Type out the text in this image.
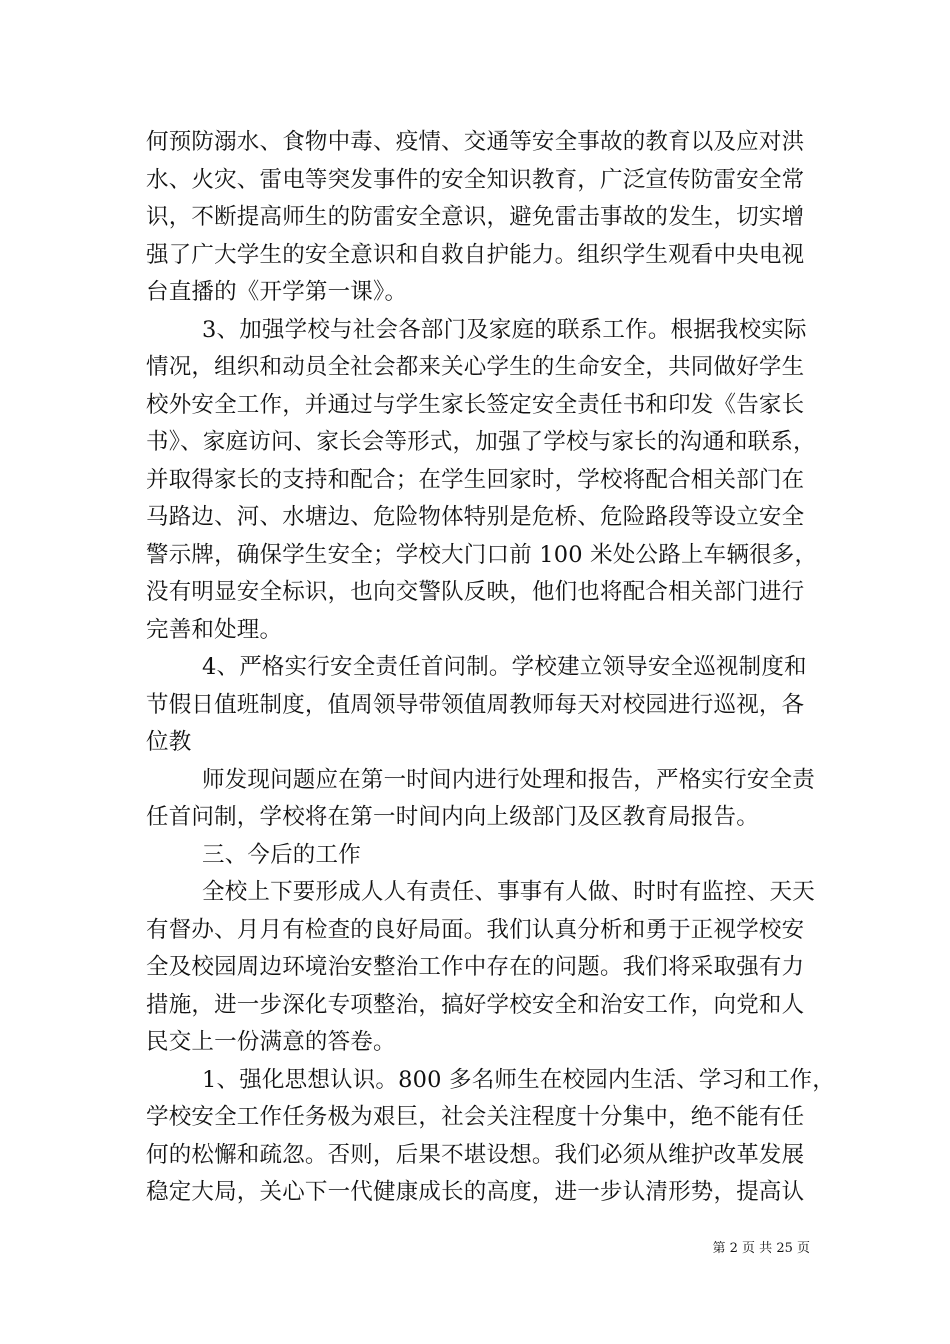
何预防溺水、食物中毒、疫情、交通等安全事故的教育以及应对洪
水、火灾、雷电等突发事件的安全知识教育，广泛宣传防雷安全常
识，不断提高师生的防雷安全意识，避免雷击事故的发生，切实增
强了广大学生的安全意识和自救自护能力。组织学生观看中央电视
台直播的《开学第一课》。
3、加强学校与社会各部门及家庭的联系工作。根据我校实际
情况，组织和动员全社会都来关心学生的生命安全，共同做好学生
校外安全工作，并通过与学生家长签定安全责任书和印发《告家长
书》、家庭访问、家长会等形式，加强了学校与家长的沟通和联系，
并取得家长的支持和配合；在学生回家时，学校将配合相关部门在
马路边、河、水塘边、危险物体特别是危桥、危险路段等设立安全
警示牌，确保学生安全；学校大门口前 100 米处公路上车辆很多，
没有明显安全标识，也向交警队反映，他们也将配合相关部门进行
完善和处理。
4、严格实行安全责任首问制。学校建立领导安全巡视制度和
节假日值班制度，值周领导带领值周教师每天对校园进行巡视，各
位教
师发现问题应在第一时间内进行处理和报告，严格实行安全责
任首问制，学校将在第一时间内向上级部门及区教育局报告。
三、今后的工作
全校上下要形成人人有责任、事事有人做、时时有监控、天天
有督办、月月有检查的良好局面。我们认真分析和勇于正视学校安
全及校园周边环境治安整治工作中存在的问题。我们将采取强有力
措施，进一步深化专项整治，搞好学校安全和治安工作，向党和人
民交上一份满意的答卷。
1、强化思想认识。800 多名师生在校园内生活、学习和工作，
学校安全工作任务极为艰巨，社会关注程度十分集中，绝不能有任
何的松懈和疏忽。否则，后果不堪设想。我们必须从维护改革发展
稳定大局，关心下一代健康成长的高度，进一步认清形势，提高认
第 2 页 共 25 页
